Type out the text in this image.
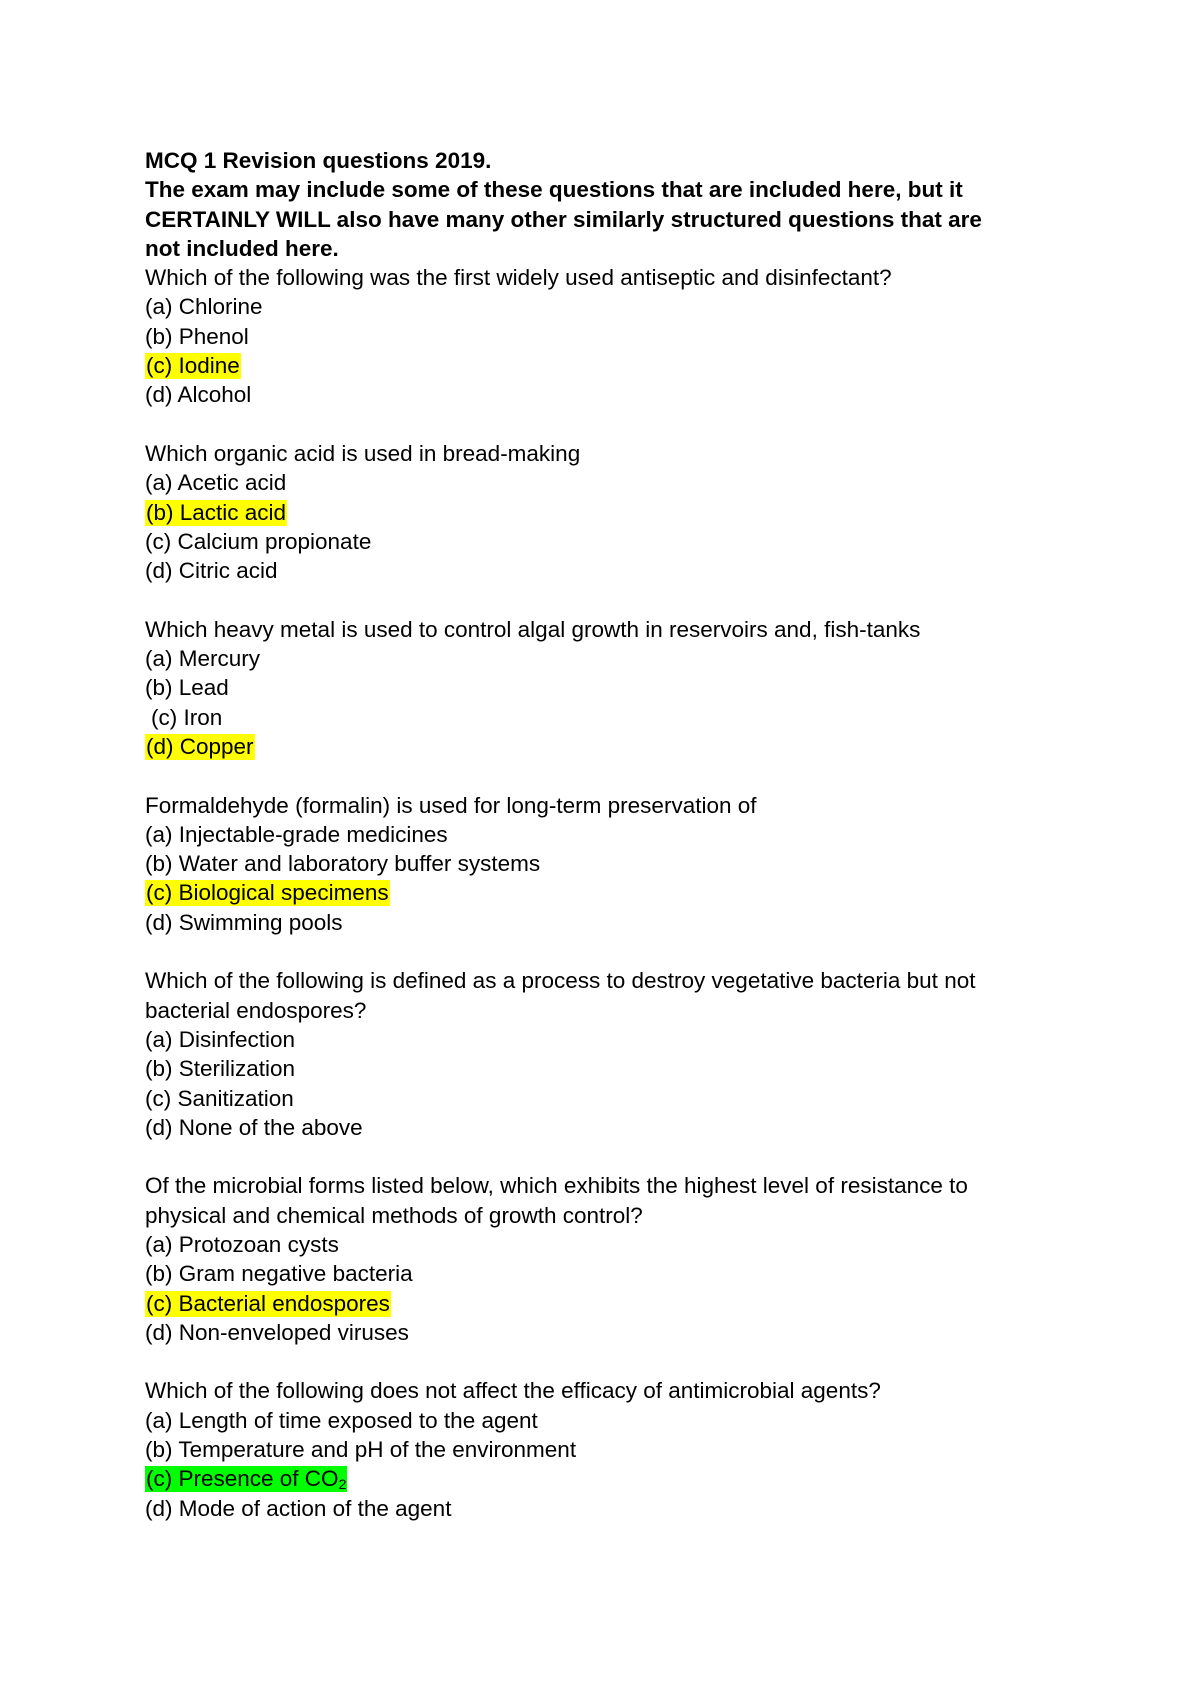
MCQ 1 Revision questions 2019.
The exam may include some of these questions that are included here, but it
CERTAINLY WILL also have many other similarly structured questions that are
not included here.
Which of the following was the first widely used antiseptic and disinfectant?
(a) Chlorine
(b) Phenol
(c) Iodine
(d) Alcohol
Which organic acid is used in bread-making
(a) Acetic acid
(b) Lactic acid
(c) Calcium propionate
(d) Citric acid
Which heavy metal is used to control algal growth in reservoirs and, fish-tanks
(a) Mercury
(b) Lead
(c) Iron
(d) Copper
Formaldehyde (formalin) is used for long-term preservation of
(a) Injectable-grade medicines
(b) Water and laboratory buffer systems
(c) Biological specimens
(d) Swimming pools
Which of the following is defined as a process to destroy vegetative bacteria but not
bacterial endospores?
(a) Disinfection
(b) Sterilization
(c) Sanitization
(d) None of the above
Of the microbial forms listed below, which exhibits the highest level of resistance to
physical and chemical methods of growth control?
(a) Protozoan cysts
(b) Gram negative bacteria
(c) Bacterial endospores
(d) Non-enveloped viruses
Which of the following does not affect the efficacy of antimicrobial agents?
(a) Length of time exposed to the agent
(b) Temperature and pH of the environment
(c) Presence of $CO_2$
(d) Mode of action of the agent
